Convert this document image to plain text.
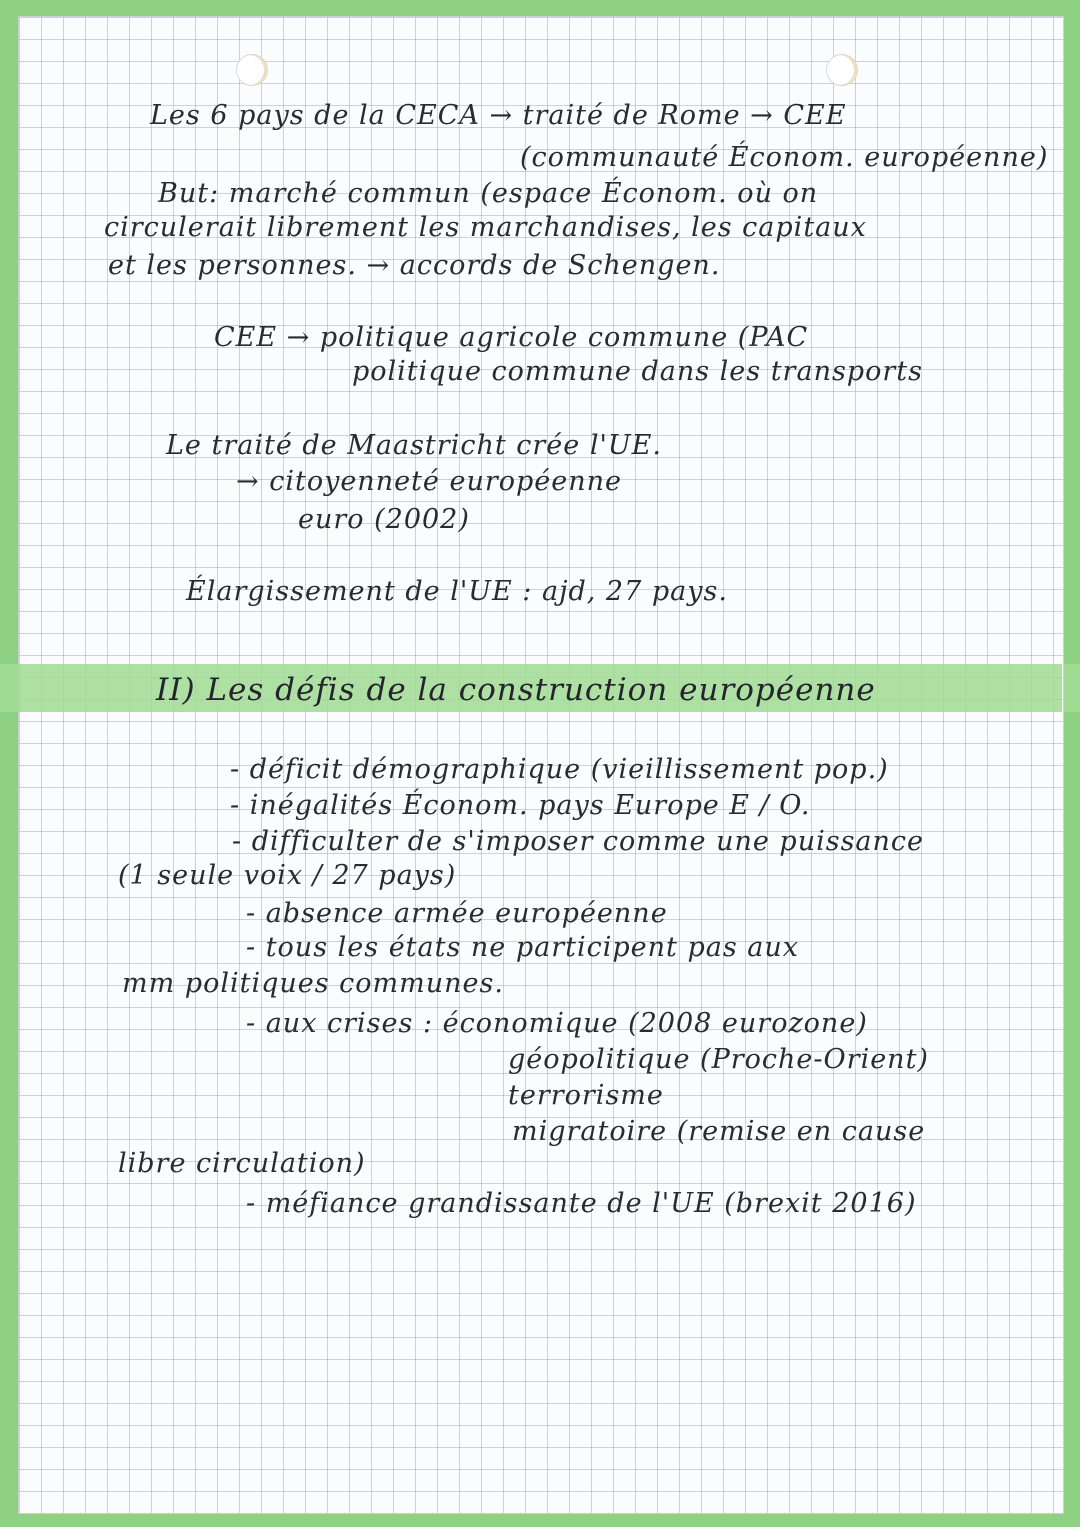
Les 6 pays de la CECA → traité de Rome → CEE
(communauté Économ. européenne)
But: marché commun (espace Économ. où on
circulerait librement les marchandises, les capitaux
et les personnes. → accords de Schengen.
CEE → politique agricole commune (PAC
politique commune dans les transports
Le traité de Maastricht crée l'UE.
→ citoyenneté européenne
euro (2002)
Élargissement de l'UE : ajd, 27 pays.
II) Les défis de la construction européenne
- déficit démographique (vieillissement pop.)
- inégalités Économ. pays Europe E / O.
- difficulter de s'imposer comme une puissance
(1 seule voix / 27 pays)
- absence armée européenne
- tous les états ne participent pas aux
mm politiques communes.
- aux crises : économique (2008 eurozone)
géopolitique (Proche-Orient)
terrorisme
migratoire (remise en cause
libre circulation)
- méfiance grandissante de l'UE (brexit 2016)
